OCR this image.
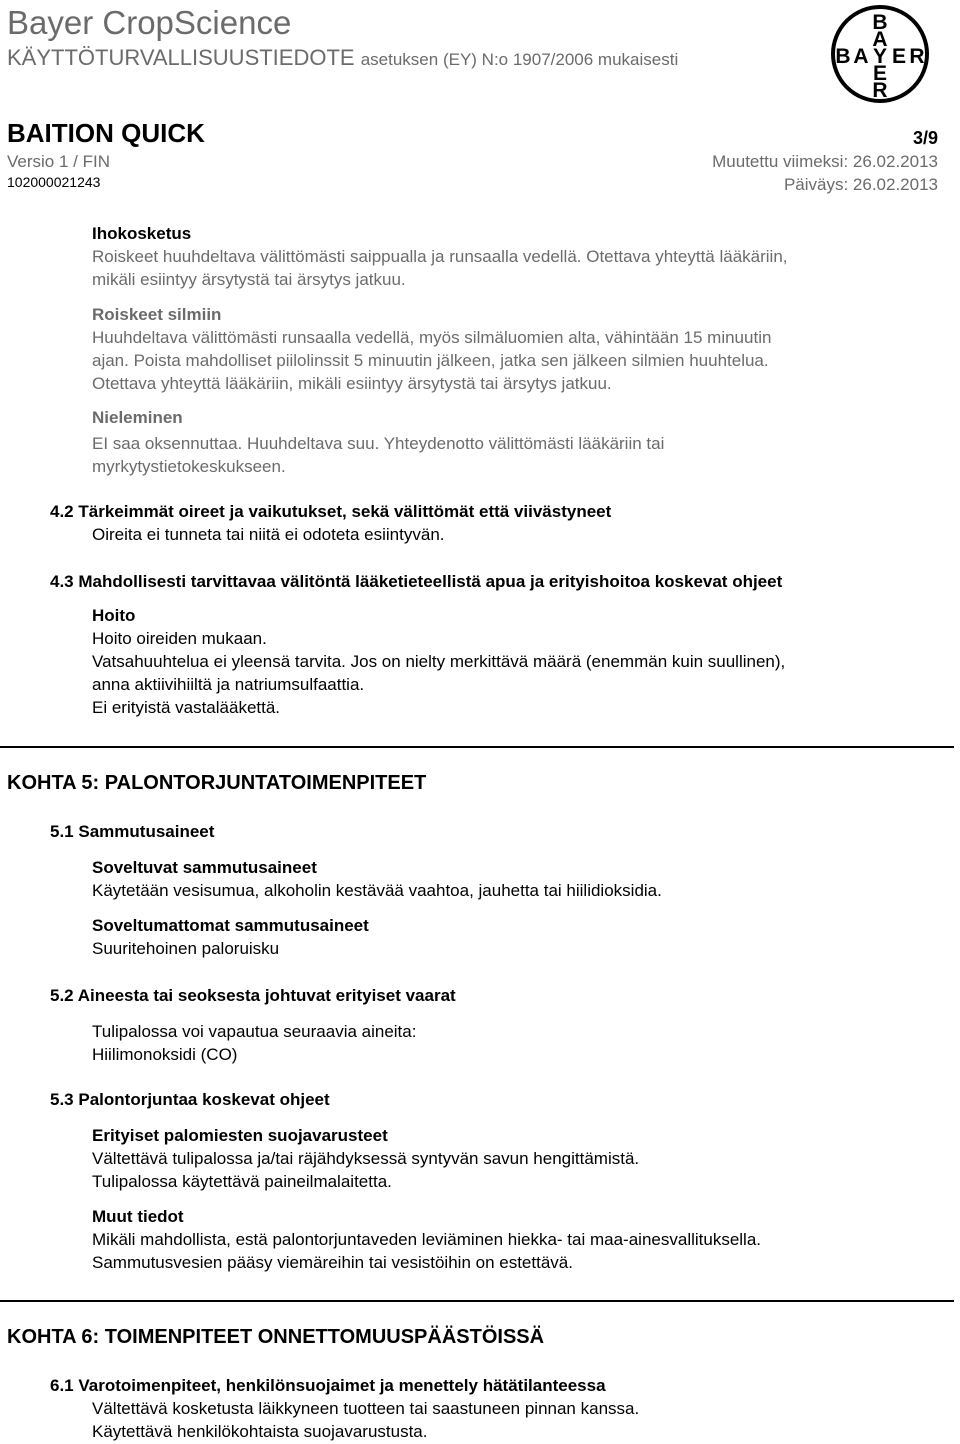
Bayer CropScience
KÄYTTÖTURVALLISUUSTIEDOTE asetuksen (EY) N:o 1907/2006 mukaisesti
B
A
Y
E
R
B A E R
BAITION QUICK	3/9
Versio 1 / FIN
102000021243
Muutettu viimeksi: 26.02.2013
Päiväys: 26.02.2013

Ihokosketus

Roiskeet huuhdeltava välittömästi saippualla ja runsaalla vedellä. Otettava yhteyttä lääkäriin,

mikäli esiintyy ärsytystä tai ärsytys jatkuu.

Roiskeet silmiin

Huuhdeltava välittömästi runsaalla vedellä, myös silmäluomien alta, vähintään 15 minuutin

ajan. Poista mahdolliset piilolinssit 5 minuutin jälkeen, jatka sen jälkeen silmien huuhtelua.

Otettava yhteyttä lääkäriin, mikäli esiintyy ärsytystä tai ärsytys jatkuu.

Nieleminen

EI saa oksennuttaa. Huuhdeltava suu. Yhteydenotto välittömästi lääkäriin tai

myrkytystietokeskukseen.

4.2 Tärkeimmät oireet ja vaikutukset, sekä välittömät että viivästyneet

Oireita ei tunneta tai niitä ei odoteta esiintyvän.

4.3 Mahdollisesti tarvittavaa välitöntä lääketieteellistä apua ja erityishoitoa koskevat ohjeet

Hoito

Hoito oireiden mukaan.

Vatsahuuhtelua ei yleensä tarvita. Jos on nielty merkittävä määrä (enemmän kuin suullinen),

anna aktiivihiiltä ja natriumsulfaattia.

Ei erityistä vastalääkettä.

KOHTA 5: PALONTORJUNTATOIMENPITEET

5.1 Sammutusaineet

Soveltuvat sammutusaineet

Käytetään vesisumua, alkoholin kestävää vaahtoa, jauhetta tai hiilidioksidia.

Soveltumattomat sammutusaineet

Suuritehoinen paloruisku

5.2 Aineesta tai seoksesta johtuvat erityiset vaarat

Tulipalossa voi vapautua seuraavia aineita:

Hiilimonoksidi (CO)

5.3 Palontorjuntaa koskevat ohjeet

Erityiset palomiesten suojavarusteet

Vältettävä tulipalossa ja/tai räjähdyksessä syntyvän savun hengittämistä.

Tulipalossa käytettävä paineilmalaitetta.

Muut tiedot

Mikäli mahdollista, estä palontorjuntaveden leviäminen hiekka- tai maa-ainesvallituksella.

Sammutusvesien pääsy viemäreihin tai vesistöihin on estettävä.

KOHTA 6: TOIMENPITEET ONNETTOMUUSPÄÄSTÖISSÄ

6.1 Varotoimenpiteet, henkilönsuojaimet ja menettely hätätilanteessa

Vältettävä kosketusta läikkyneen tuotteen tai saastuneen pinnan kanssa.

Käytettävä henkilökohtaista suojavarustusta.
